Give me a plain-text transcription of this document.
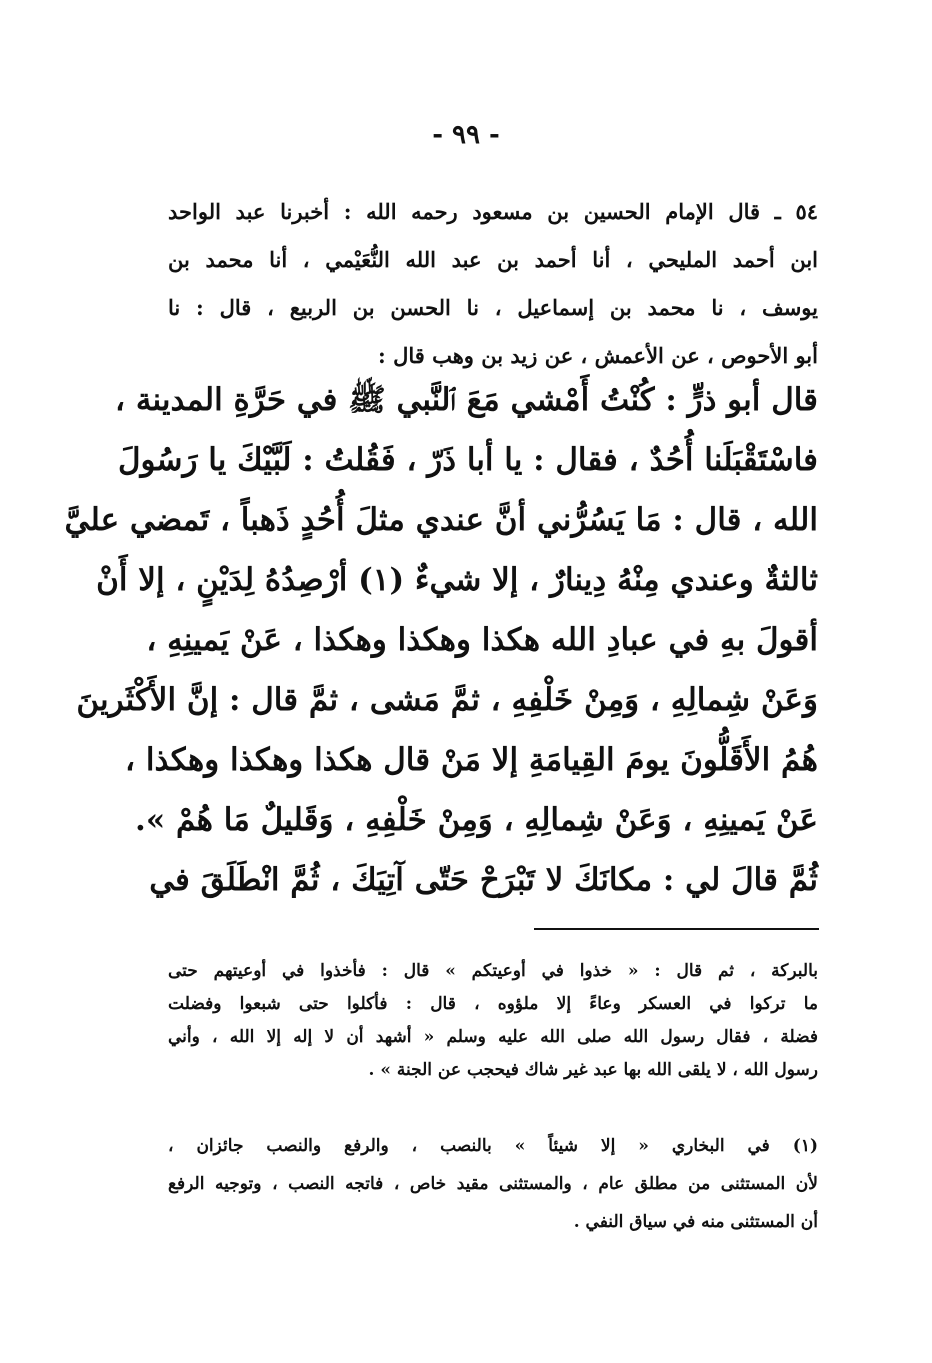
- ٩٩ -
٥٤ ـ قال الإمام الحسين بن مسعود رحمه الله : أخبرنا عبد الواحد
ابن أحمد المليحي ، أنا أحمد بن عبد الله النُّعَيْمي ، أنا محمد بن
يوسف ، نا محمد بن إسماعيل ، نا الحسن بن الربيع ، قال : نا
أبو الأحوص ، عن الأعمش ، عن زيد بن وهب قال :
قال أبو ذرٍّ : كُنْتُ أَمْشي مَعَ ٱلنَّبي ﷺ في حَرَّةِ المدينة ،
فاسْتَقْبَلَنا أُحُدٌ ، فقال : يا أبا ذَرّ ، فَقُلتُ : لَبَّيْكَ يا رَسُولَ
الله ، قال : مَا يَسُرُّني أنَّ عندي مثلَ أُحُدٍ ذَهباً ، تَمضي عليَّ
ثالثةٌ وعندي مِنْهُ دِينارٌ ، إلا شيءٌ (١) أرْصِدُهُ لِدَيْنٍ ، إلا أَنْ
أقولَ بهِ في عبادِ الله هكذا وهكذا وهكذا ، عَنْ يَمينِهِ ،
وَعَنْ شِمالِهِ ، وَمِنْ خَلْفِهِ ، ثمَّ مَشى ، ثمَّ قال : إنَّ الأَكْثَرينَ
هُمُ الأَقَلُّونَ يومَ القِيامَةِ إلا مَنْ قال هكذا وهكذا وهكذا ،
عَنْ يَمينِهِ ، وَعَنْ شِمالِهِ ، وَمِنْ خَلْفِهِ ، وَقَليلٌ مَا هُمْ ».
ثُمَّ قالَ لي : مكانَكَ لا تَبْرَحْ حَتّى آتِيَكَ ، ثُمَّ انْطَلَقَ في
بالبركة ، ثم قال : « خذوا في أوعيتكم » قال : فأخذوا في أوعيتهم حتى
ما تركوا في العسكر وعاءً إلا ملؤوه ، قال : فأكلوا حتى شبعوا وفضلت
فضلة ، فقال رسول الله صلى الله عليه وسلم « أشهد أن لا إله إلا الله ، وأني
رسول الله ، لا يلقى الله بها عبد غير شاك فيحجب عن الجنة » .
(١) في البخاري « إلا شيئاً » بالنصب ، والرفع والنصب جائزان ،
لأن المستثنى من مطلق عام ، والمستثنى مقيد خاص ، فاتجه النصب ، وتوجيه الرفع
أن المستثنى منه في سياق النفي .
